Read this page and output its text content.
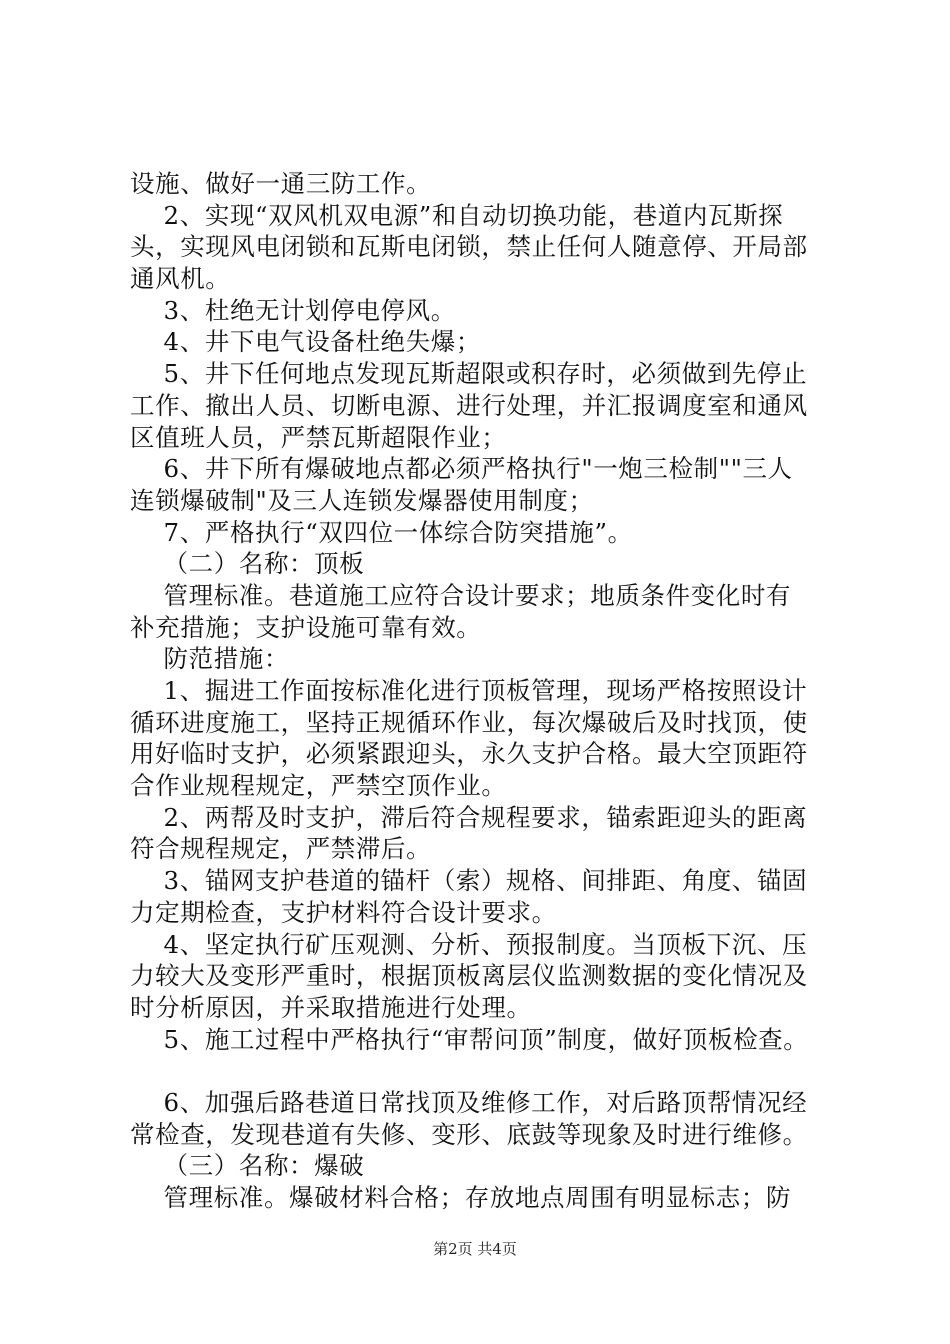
设施、做好一通三防工作。
2、实现“双风机双电源”和自动切换功能，巷道内瓦斯探
头，实现风电闭锁和瓦斯电闭锁，禁止任何人随意停、开局部
通风机。
3、杜绝无计划停电停风。
4、井下电气设备杜绝失爆；
5、井下任何地点发现瓦斯超限或积存时，必须做到先停止
工作、撤出人员、切断电源、进行处理，并汇报调度室和通风
区值班人员，严禁瓦斯超限作业；
6、井下所有爆破地点都必须严格执行"一炮三检制""三人
连锁爆破制"及三人连锁发爆器使用制度；
7、严格执行“双四位一体综合防突措施”。
（二）名称：顶板
管理标准。巷道施工应符合设计要求；地质条件变化时有
补充措施；支护设施可靠有效。
防范措施：
1、掘进工作面按标准化进行顶板管理，现场严格按照设计
循环进度施工，坚持正规循环作业，每次爆破后及时找顶，使
用好临时支护，必须紧跟迎头，永久支护合格。最大空顶距符
合作业规程规定，严禁空顶作业。
2、两帮及时支护，滞后符合规程要求，锚索距迎头的距离
符合规程规定，严禁滞后。
3、锚网支护巷道的锚杆（索）规格、间排距、角度、锚固
力定期检查，支护材料符合设计要求。
4、坚定执行矿压观测、分析、预报制度。当顶板下沉、压
力较大及变形严重时，根据顶板离层仪监测数据的变化情况及
时分析原因，并采取措施进行处理。
5、施工过程中严格执行“审帮问顶”制度，做好顶板检查。
6、加强后路巷道日常找顶及维修工作，对后路顶帮情况经
常检查，发现巷道有失修、变形、底鼓等现象及时进行维修。
（三）名称：爆破
管理标准。爆破材料合格；存放地点周围有明显标志；防
第2页 共4页
